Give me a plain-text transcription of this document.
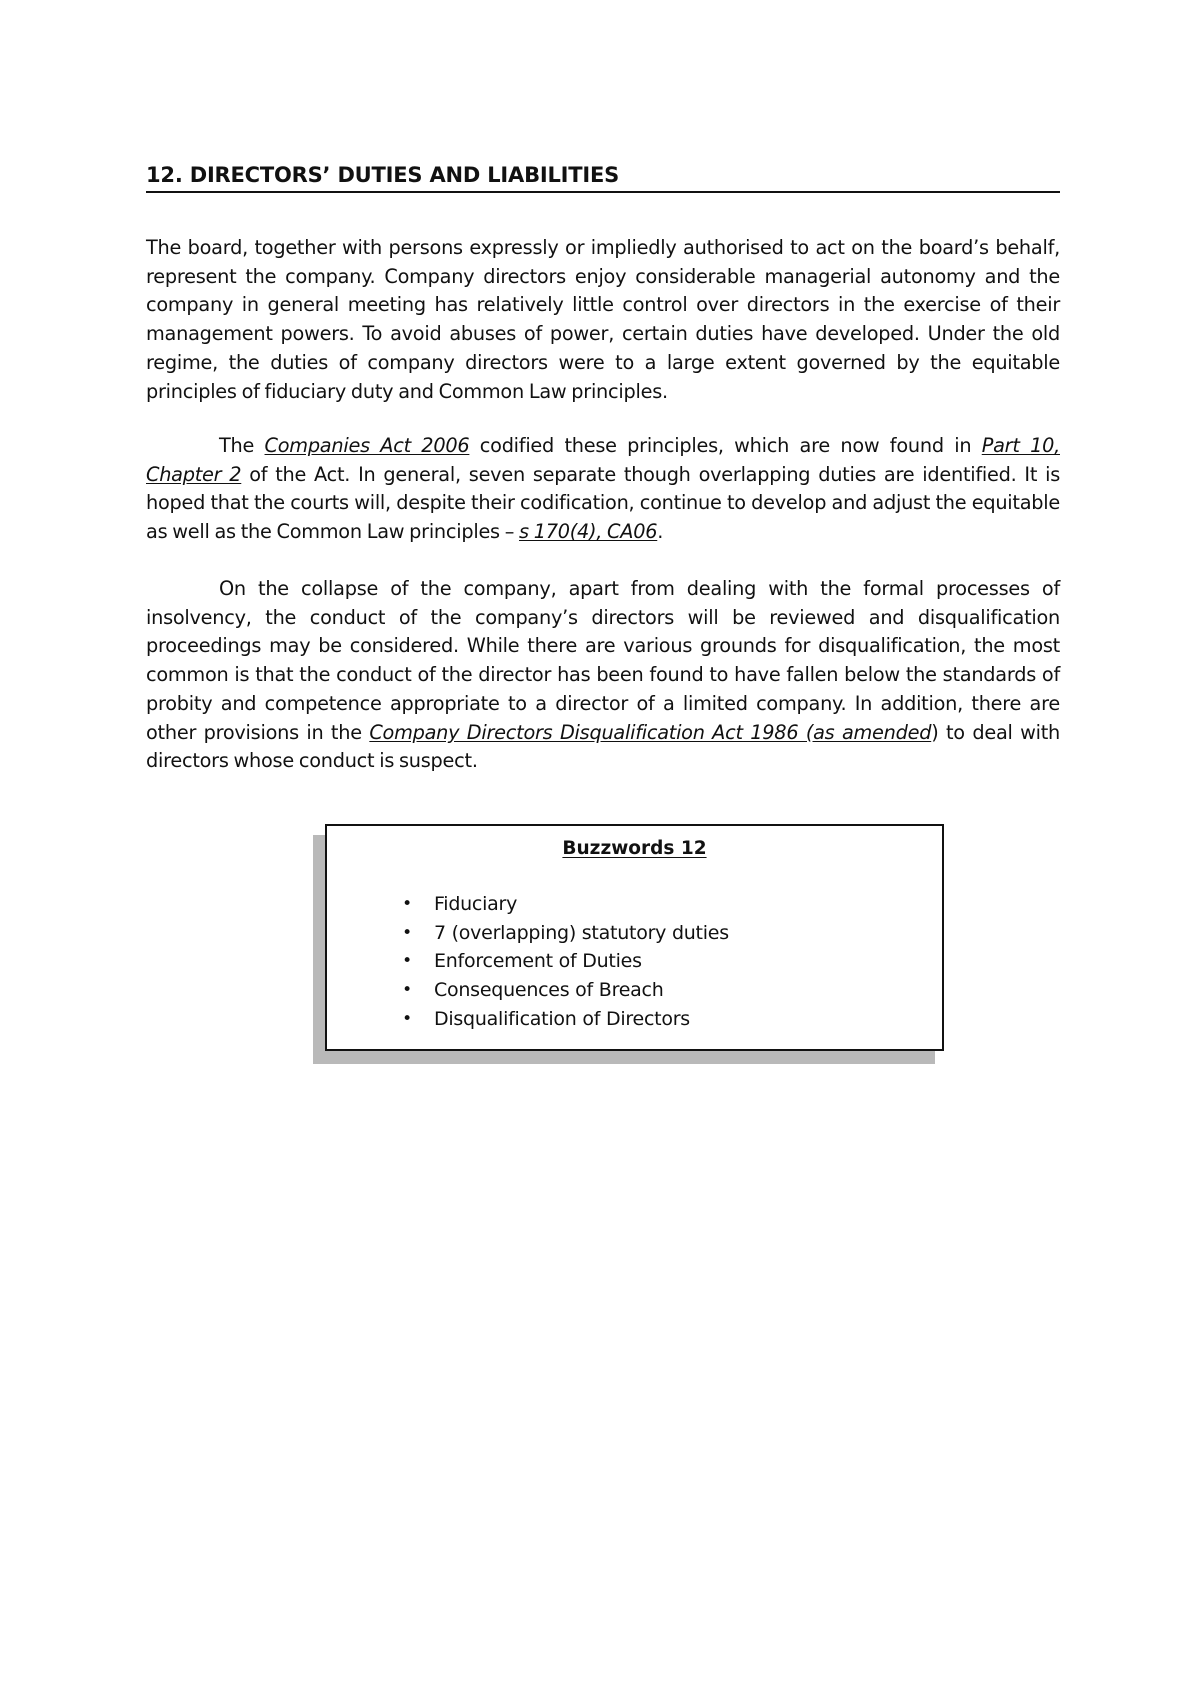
12. DIRECTORS’ DUTIES AND LIABILITIES

The board, together with persons expressly or impliedly authorised to act on the board’s behalf, represent the company. Company directors enjoy considerable managerial autonomy and the company in general meeting has relatively little control over directors in the exercise of their management powers. To avoid abuses of power, certain duties have developed. Under the old regime, the duties of company directors were to a large extent governed by the equitable principles of fiduciary duty and Common Law principles.

The Companies Act 2006 codified these principles, which are now found in Part 10, Chapter 2 of the Act. In general, seven separate though overlapping duties are identified. It is hoped that the courts will, despite their codification, continue to develop and adjust the equitable as well as the Common Law principles – s 170(4), CA06.

On the collapse of the company, apart from dealing with the formal processes of insolvency, the conduct of the company’s directors will be reviewed and disqualification proceedings may be considered. While there are various grounds for disqualification, the most common is that the conduct of the director has been found to have fallen below the standards of probity and competence appropriate to a director of a limited company. In addition, there are other provisions in the Company Directors Disqualification Act 1986 (as amended) to deal with directors whose conduct is suspect.

Buzzwords 12
• Fiduciary
• 7 (overlapping) statutory duties
• Enforcement of Duties
• Consequences of Breach
• Disqualification of Directors
